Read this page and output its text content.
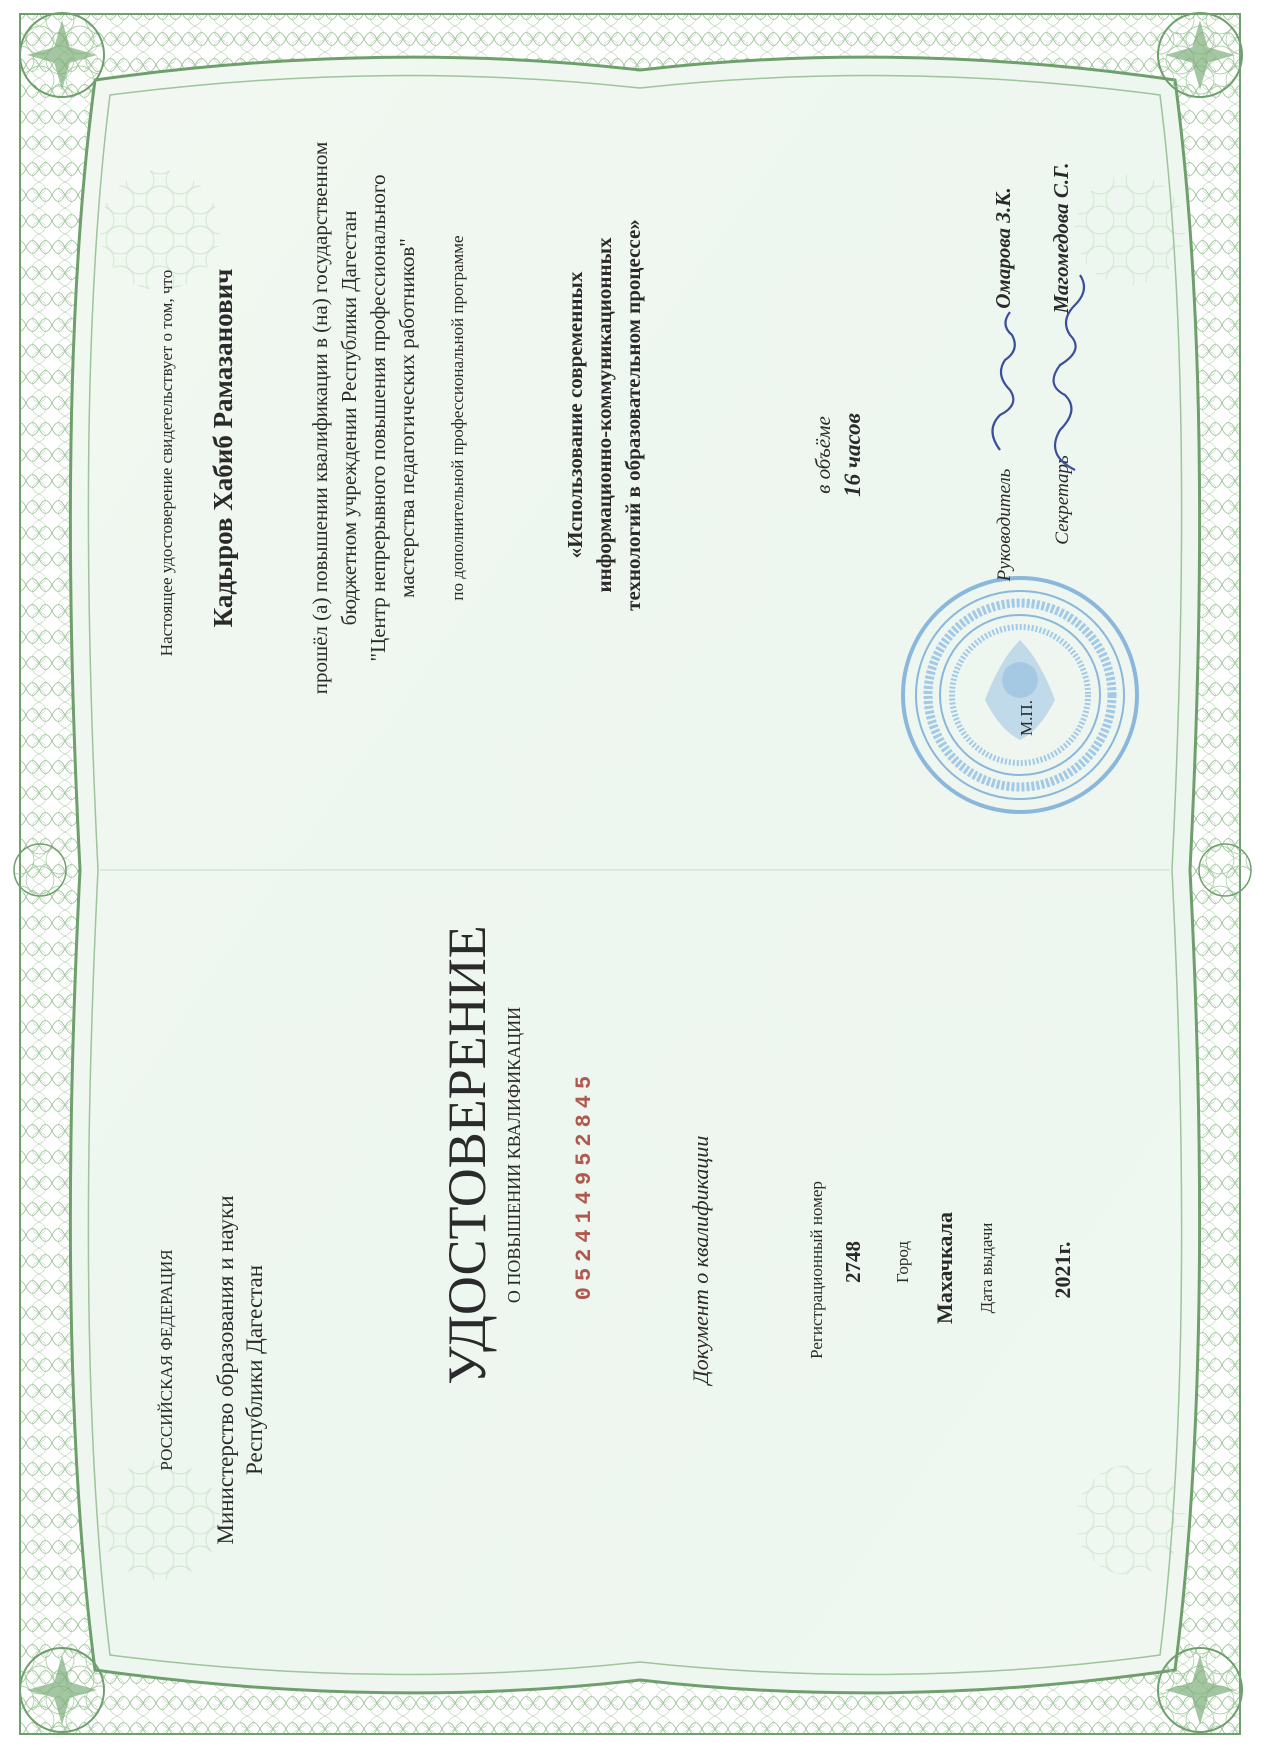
РОССИЙСКАЯ ФЕДЕРАЦИЯ Министерство образования и науки Республики Дагестан	УДОСТОВЕРЕНИЕ О ПОВЫШЕНИИ КВАЛИФИКАЦИИ 052414952845	Документ о квалификации	Регистрационный номер 2748 Город Махачкала Дата выдачи 2021г.
Настоящее удостоверение свидетельствует о том, что Кадыров Хабиб Рамазанович	прошёл (а) повышении квалификации в (на) государственном бюджетном учреждении Республики Дагестан "Центр непрерывного повышения профессионального мастерства педагогических работников" по дополнительной профессиональной программе	«Использование современных информационно-коммуникационных технологий в образовательном процессе»	в объёме 16 часов
М.П.
Руководитель Секретарь
Омарова З.К. Магомедова С.Г.
